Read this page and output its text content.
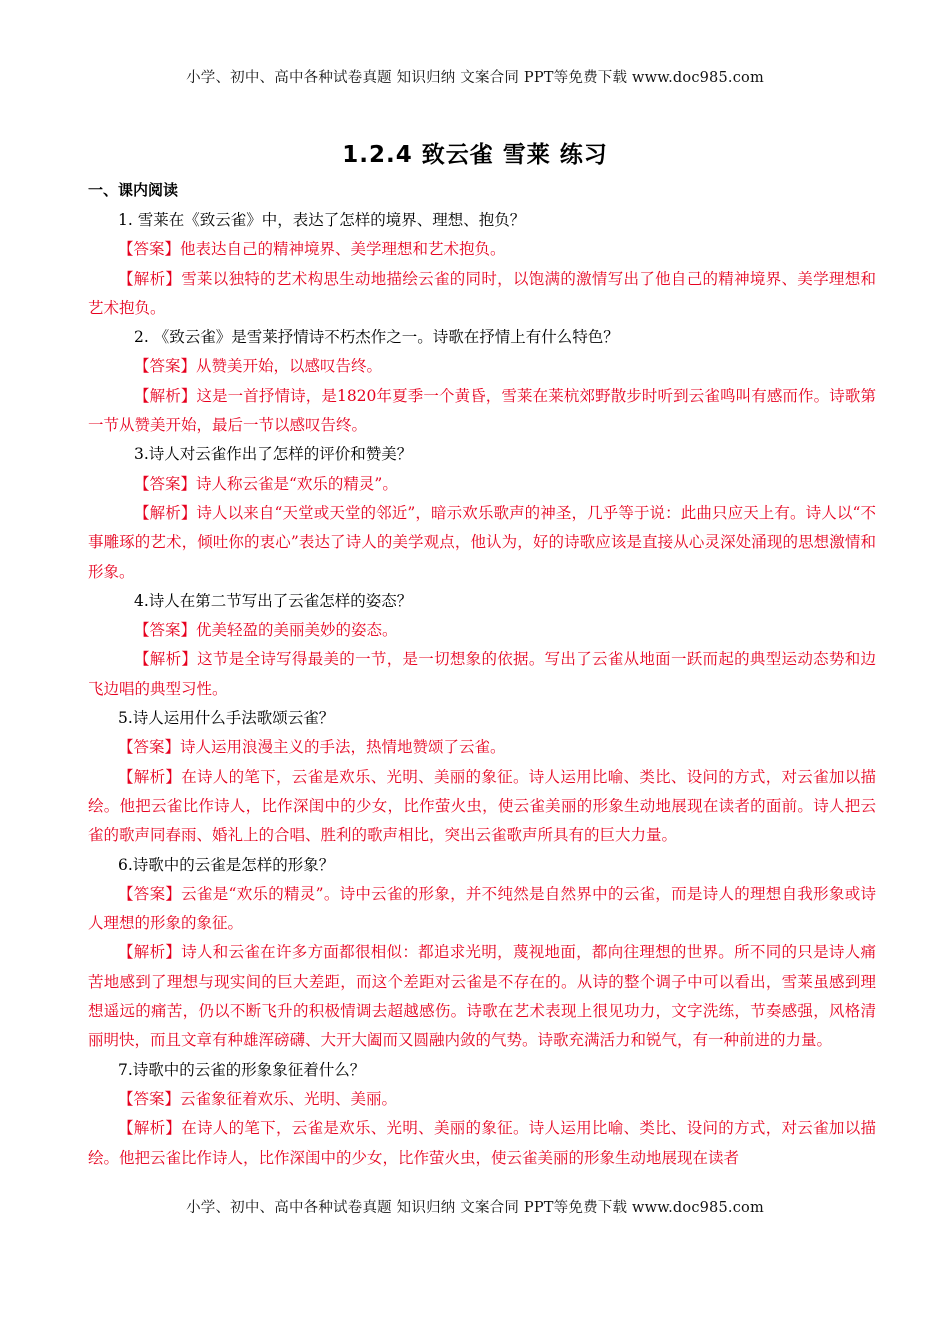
小学、初中、高中各种试卷真题 知识归纳 文案合同 PPT等免费下载 www.doc985.com
1.2.4 致云雀 雪莱 练习
一、课内阅读

1. 雪莱在《致云雀》中，表达了怎样的境界、理想、抱负？

【答案】他表达自己的精神境界、美学理想和艺术抱负。

【解析】雪莱以独特的艺术构思生动地描绘云雀的同时，以饱满的激情写出了他自己的精神境界、美学理想和艺术抱负。

2. 《致云雀》是雪莱抒情诗不朽杰作之一。诗歌在抒情上有什么特色？

【答案】从赞美开始，以感叹告终。

【解析】这是一首抒情诗，是1820年夏季一个黄昏，雪莱在莱杭郊野散步时听到云雀鸣叫有感而作。诗歌第一节从赞美开始，最后一节以感叹告终。

3.诗人对云雀作出了怎样的评价和赞美？

【答案】诗人称云雀是“欢乐的精灵”。

【解析】诗人以来自“天堂或天堂的邻近”，暗示欢乐歌声的神圣，几乎等于说：此曲只应天上有。诗人以“不事雕琢的艺术，倾吐你的衷心”表达了诗人的美学观点，他认为，好的诗歌应该是直接从心灵深处涌现的思想激情和形象。

4.诗人在第二节写出了云雀怎样的姿态？

【答案】优美轻盈的美丽美妙的姿态。

【解析】这节是全诗写得最美的一节，是一切想象的依据。写出了云雀从地面一跃而起的典型运动态势和边飞边唱的典型习性。

5.诗人运用什么手法歌颂云雀？

【答案】诗人运用浪漫主义的手法，热情地赞颂了云雀。

【解析】在诗人的笔下，云雀是欢乐、光明、美丽的象征。诗人运用比喻、类比、设问的方式，对云雀加以描绘。他把云雀比作诗人，比作深闺中的少女，比作萤火虫，使云雀美丽的形象生动地展现在读者的面前。诗人把云雀的歌声同春雨、婚礼上的合唱、胜利的歌声相比，突出云雀歌声所具有的巨大力量。

6.诗歌中的云雀是怎样的形象？

【答案】云雀是“欢乐的精灵”。诗中云雀的形象，并不纯然是自然界中的云雀，而是诗人的理想自我形象或诗人理想的形象的象征。

【解析】诗人和云雀在许多方面都很相似：都追求光明，蔑视地面，都向往理想的世界。所不同的只是诗人痛苦地感到了理想与现实间的巨大差距，而这个差距对云雀是不存在的。从诗的整个调子中可以看出，雪莱虽感到理想遥远的痛苦，仍以不断飞升的积极情调去超越感伤。诗歌在艺术表现上很见功力，文字洗练，节奏感强，风格清丽明快，而且文章有种雄浑磅礴、大开大阖而又圆融内敛的气势。诗歌充满活力和锐气，有一种前进的力量。

7.诗歌中的云雀的形象象征着什么？

【答案】云雀象征着欢乐、光明、美丽。

【解析】在诗人的笔下，云雀是欢乐、光明、美丽的象征。诗人运用比喻、类比、设问的方式，对云雀加以描绘。他把云雀比作诗人，比作深闺中的少女，比作萤火虫，使云雀美丽的形象生动地展现在读者

小学、初中、高中各种试卷真题 知识归纳 文案合同 PPT等免费下载 www.doc985.com
